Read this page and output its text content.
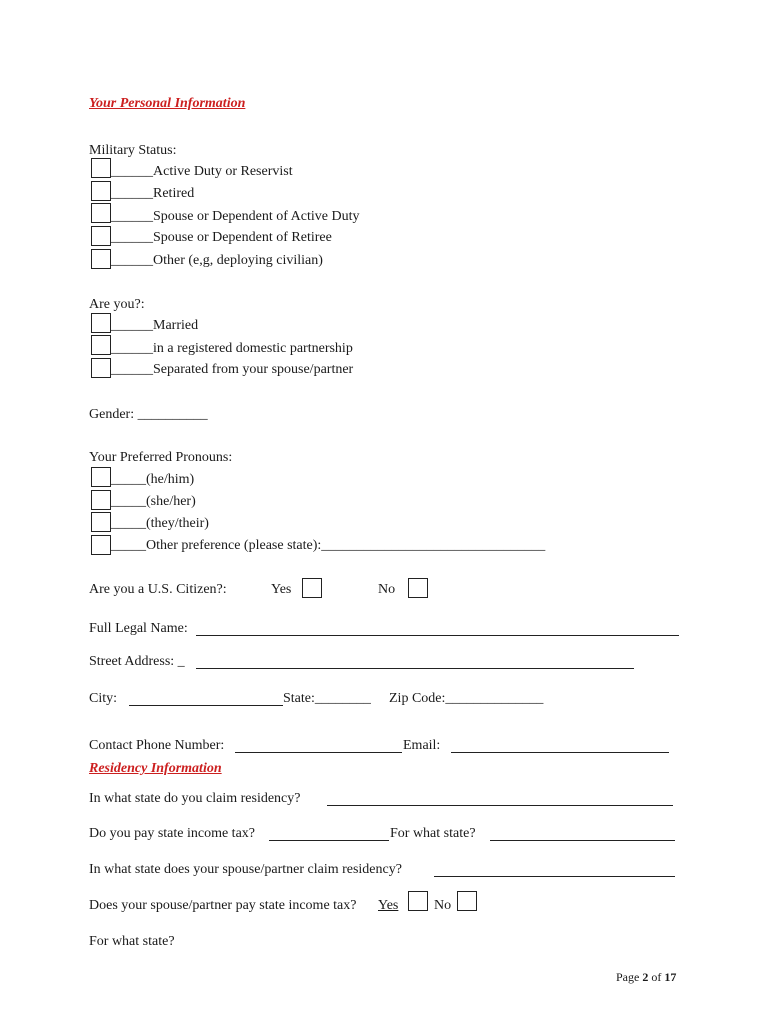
Your Personal Information
Military Status:
______Active Duty or Reservist
______Retired
______Spouse or Dependent of Active Duty
______Spouse or Dependent of Retiree
______Other (e,g, deploying civilian)
Are you?:
______Married
______in a registered domestic partnership
______Separated from your spouse/partner
Gender: __________
Your Preferred Pronouns:
_____(he/him)
_____(she/her)
_____(they/their)
_____Other preference (please state):________________________________
Are you a U.S. Citizen?:	Yes	No
Full Legal Name:
Street Address: _
City:	State:________ Zip Code:______________
Contact Phone Number:	Email:
Residency Information
In what state do you claim residency?
Do you pay state income tax?	For what state?
In what state does your spouse/partner claim residency?
Does your spouse/partner pay state income tax? Yes	No
For what state?
Page 2 of 17
